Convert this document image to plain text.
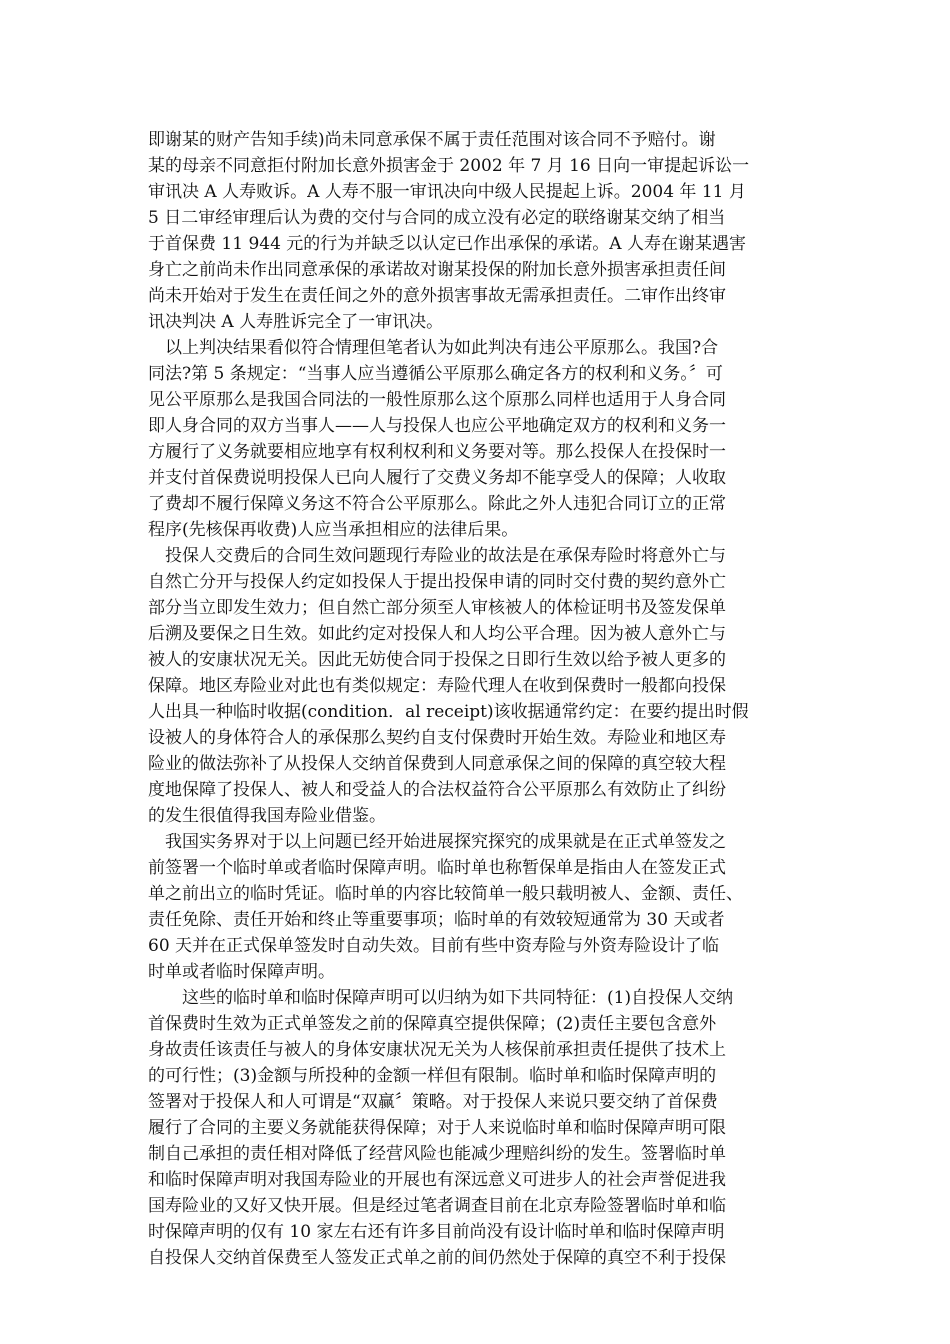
即谢某的财产告知手续)尚未同意承保不属于责任范围对该合同不予赔付。谢
某的母亲不同意拒付附加长意外损害金于 2002 年 7 月 16 日向一审提起诉讼一
审讯决 A 人寿败诉。A 人寿不服一审讯决向中级人民提起上诉。2004 年 11 月
5 日二审经审理后认为费的交付与合同的成立没有必定的联络谢某交纳了相当
于首保费 11 944 元的行为并缺乏以认定已作出承保的承诺。A 人寿在谢某遇害
身亡之前尚未作出同意承保的承诺故对谢某投保的附加长意外损害承担责任间
尚未开始对于发生在责任间之外的意外损害事故无需承担责任。二审作出终审
讯决判决 A 人寿胜诉完全了一审讯决。
　以上判决结果看似符合情理但笔者认为如此判决有违公平原那么。我国?合
同法?第 5 条规定：“当事人应当遵循公平原那么确定各方的权利和义务。〞可
见公平原那么是我国合同法的一般性原那么这个原那么同样也适用于人身合同
即人身合同的双方当事人——人与投保人也应公平地确定双方的权利和义务一
方履行了义务就要相应地享有权利权利和义务要对等。那么投保人在投保时一
并支付首保费说明投保人已向人履行了交费义务却不能享受人的保障；人收取
了费却不履行保障义务这不符合公平原那么。除此之外人违犯合同订立的正常
程序(先核保再收费)人应当承担相应的法律后果。
　投保人交费后的合同生效问题现行寿险业的故法是在承保寿险时将意外亡与
自然亡分开与投保人约定如投保人于提出投保申请的同时交付费的契约意外亡
部分当立即发生效力；但自然亡部分须至人审核被人的体检证明书及签发保单
后溯及要保之日生效。如此约定对投保人和人均公平合理。因为被人意外亡与
被人的安康状况无关。因此无妨使合同于投保之日即行生效以给予被人更多的
保障。地区寿险业对此也有类似规定：寿险代理人在收到保费时一般都向投保
人出具一种临时收据(condition．al receipt)该收据通常约定：在要约提出时假
设被人的身体符合人的承保那么契约自支付保费时开始生效。寿险业和地区寿
险业的做法弥补了从投保人交纳首保费到人同意承保之间的保障的真空较大程
度地保障了投保人、被人和受益人的合法权益符合公平原那么有效防止了纠纷
的发生很值得我国寿险业借鉴。
　我国实务界对于以上问题已经开始进展探究探究的成果就是在正式单签发之
前签署一个临时单或者临时保障声明。临时单也称暂保单是指由人在签发正式
单之前出立的临时凭证。临时单的内容比较简单一般只载明被人、金额、责任、
责任免除、责任开始和终止等重要事项；临时单的有效较短通常为 30 天或者
60 天并在正式保单签发时自动失效。目前有些中资寿险与外资寿险设计了临
时单或者临时保障声明。
　　这些的临时单和临时保障声明可以归纳为如下共同特征：(1)自投保人交纳
首保费时生效为正式单签发之前的保障真空提供保障；(2)责任主要包含意外
身故责任该责任与被人的身体安康状况无关为人核保前承担责任提供了技术上
的可行性；(3)金额与所投种的金额一样但有限制。临时单和临时保障声明的
签署对于投保人和人可谓是“双赢〞策略。对于投保人来说只要交纳了首保费
履行了合同的主要义务就能获得保障；对于人来说临时单和临时保障声明可限
制自己承担的责任相对降低了经营风险也能减少理赔纠纷的发生。签署临时单
和临时保障声明对我国寿险业的开展也有深远意义可进步人的社会声誉促进我
国寿险业的又好又快开展。但是经过笔者调查目前在北京寿险签署临时单和临
时保障声明的仅有 10 家左右还有许多目前尚没有设计临时单和临时保障声明
自投保人交纳首保费至人签发正式单之前的间仍然处于保障的真空不利于投保
